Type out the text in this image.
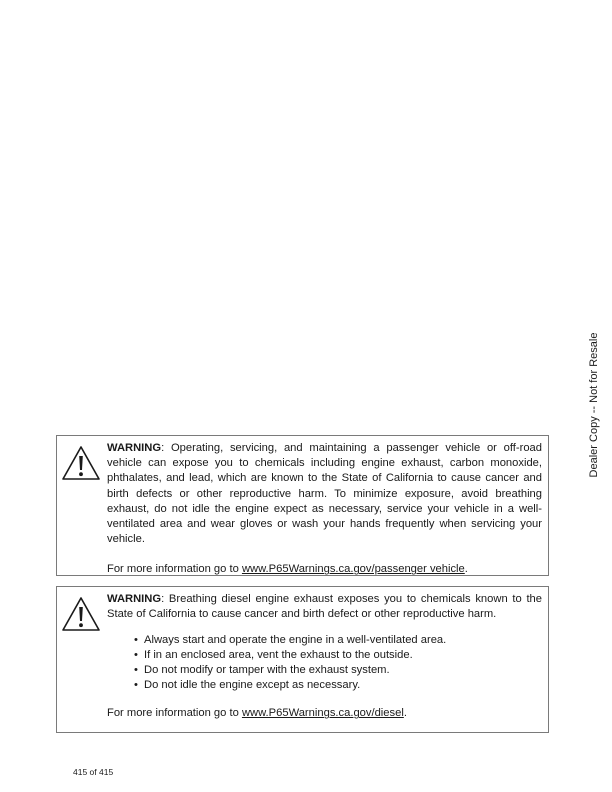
Dealer Copy -- Not for Resale

WARNING: Operating, servicing, and maintaining a passenger vehicle or off-road vehicle can expose you to chemicals including engine exhaust, carbon monoxide, phthalates, and lead, which are known to the State of California to cause cancer and birth defects or other reproductive harm. To minimize exposure, avoid breathing exhaust, do not idle the engine expect as necessary, service your vehicle in a well-ventilated area and wear gloves or wash your hands frequently when servicing your vehicle.

For more information go to www.P65Warnings.ca.gov/passenger vehicle.

WARNING: Breathing diesel engine exhaust exposes you to chemicals known to the State of California to cause cancer and birth defect or other reproductive harm.

• Always start and operate the engine in a well-ventilated area.
• If in an enclosed area, vent the exhaust to the outside.
• Do not modify or tamper with the exhaust system.
• Do not idle the engine except as necessary.

For more information go to www.P65Warnings.ca.gov/diesel.

415 of 415
